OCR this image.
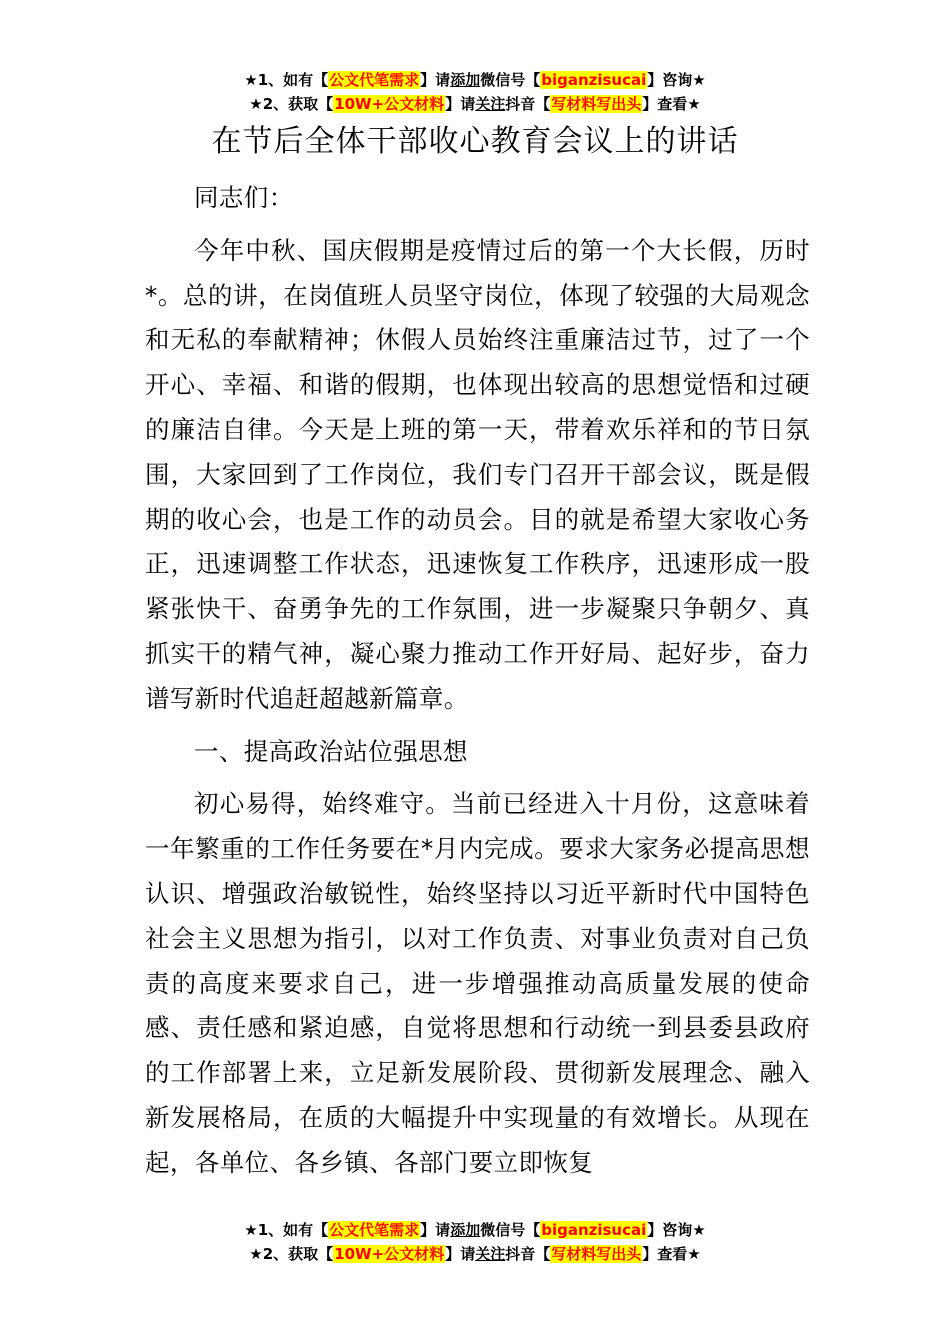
★1、如有【公文代笔需求】请添加微信号【biganzisucai】咨询★
★2、获取【10W+公文材料】请关注抖音【写材料写出头】查看★
在节后全体干部收心教育会议上的讲话

同志们：

今年中秋、国庆假期是疫情过后的第一个大长假，历时*。总的讲，在岗值班人员坚守岗位，体现了较强的大局观念和无私的奉献精神；休假人员始终注重廉洁过节，过了一个开心、幸福、和谐的假期，也体现出较高的思想觉悟和过硬的廉洁自律。今天是上班的第一天，带着欢乐祥和的节日氛围，大家回到了工作岗位，我们专门召开干部会议，既是假期的收心会，也是工作的动员会。目的就是希望大家收心务正，迅速调整工作状态，迅速恢复工作秩序，迅速形成一股紧张快干、奋勇争先的工作氛围，进一步凝聚只争朝夕、真抓实干的精气神，凝心聚力推动工作开好局、起好步，奋力谱写新时代追赶超越新篇章。

一、提高政治站位强思想

初心易得，始终难守。当前已经进入十月份，这意味着一年繁重的工作任务要在*月内完成。要求大家务必提高思想认识、增强政治敏锐性，始终坚持以习近平新时代中国特色社会主义思想为指引，以对工作负责、对事业负责对自己负责的高度来要求自己，进一步增强推动高质量发展的使命感、责任感和紧迫感，自觉将思想和行动统一到县委县政府的工作部署上来，立足新发展阶段、贯彻新发展理念、融入新发展格局，在质的大幅提升中实现量的有效增长。从现在起，各单位、各乡镇、各部门要立即恢复

★1、如有【公文代笔需求】请添加微信号【biganzisucai】咨询★
★2、获取【10W+公文材料】请关注抖音【写材料写出头】查看★
